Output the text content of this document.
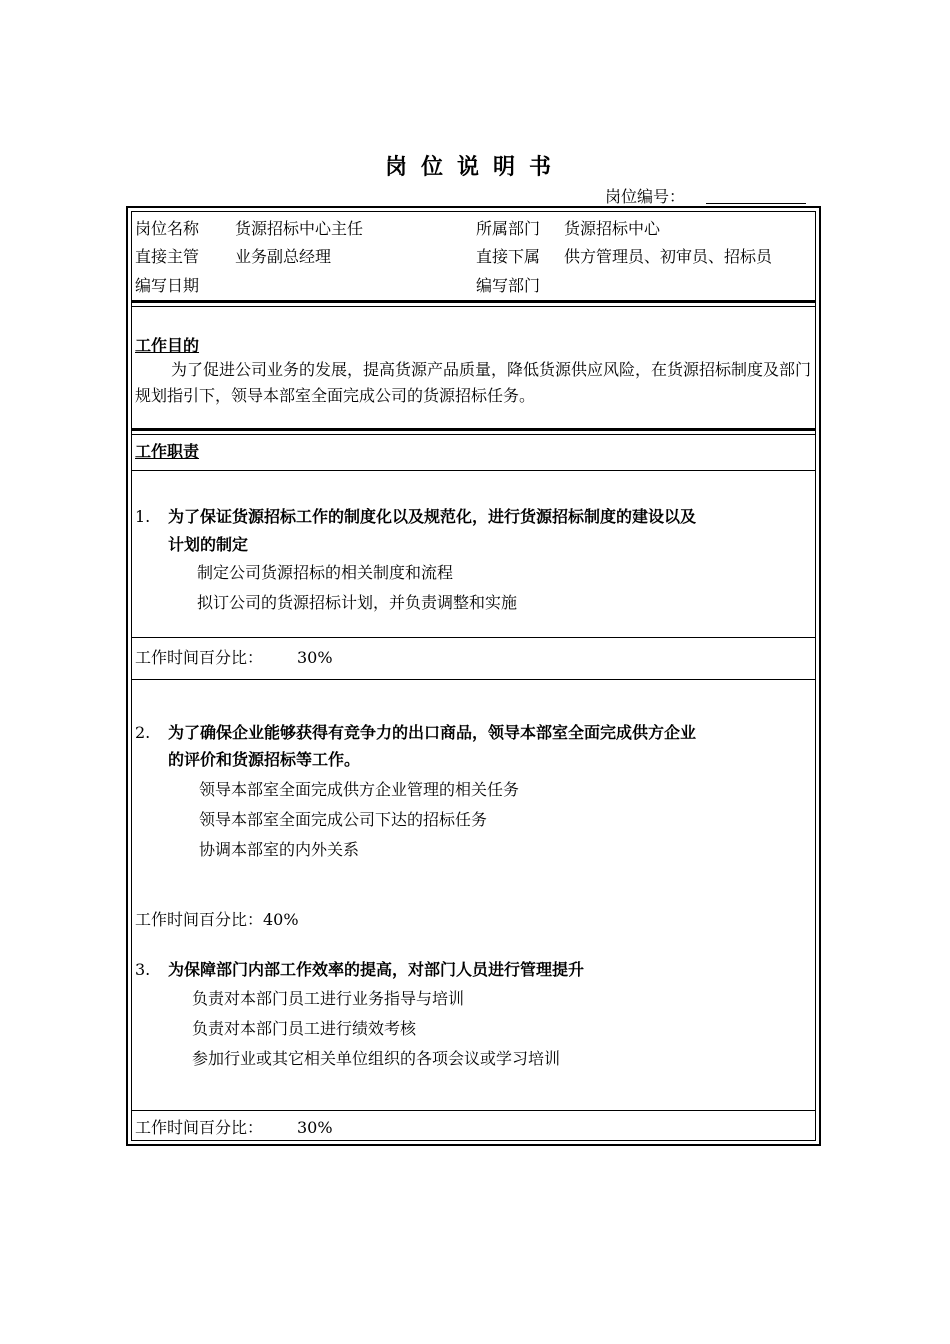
岗位说明书
岗位编号：
岗位名称 货源招标中心主任	所属部门 货源招标中心
直接主管 业务副总经理	直接下属 供方管理员、初审员、招标员
编写日期	编写部门
工作目的
为了促进公司业务的发展，提高货源产品质量，降低货源供应风险，在货源招标制度及部门规划指引下，领导本部室全面完成公司的货源招标任务。
工作职责
1. 为了保证货源招标工作的制度化以及规范化，进行货源招标制度的建设以及
计划的制定
制定公司货源招标的相关制度和流程
拟订公司的货源招标计划，并负责调整和实施
工作时间百分比： 30%
2. 为了确保企业能够获得有竞争力的出口商品，领导本部室全面完成供方企业
的评价和货源招标等工作。
领导本部室全面完成供方企业管理的相关任务
领导本部室全面完成公司下达的招标任务
协调本部室的内外关系
工作时间百分比： 40%
3. 为保障部门内部工作效率的提高，对部门人员进行管理提升
负责对本部门员工进行业务指导与培训
负责对本部门员工进行绩效考核
参加行业或其它相关单位组织的各项会议或学习培训
工作时间百分比： 30%
